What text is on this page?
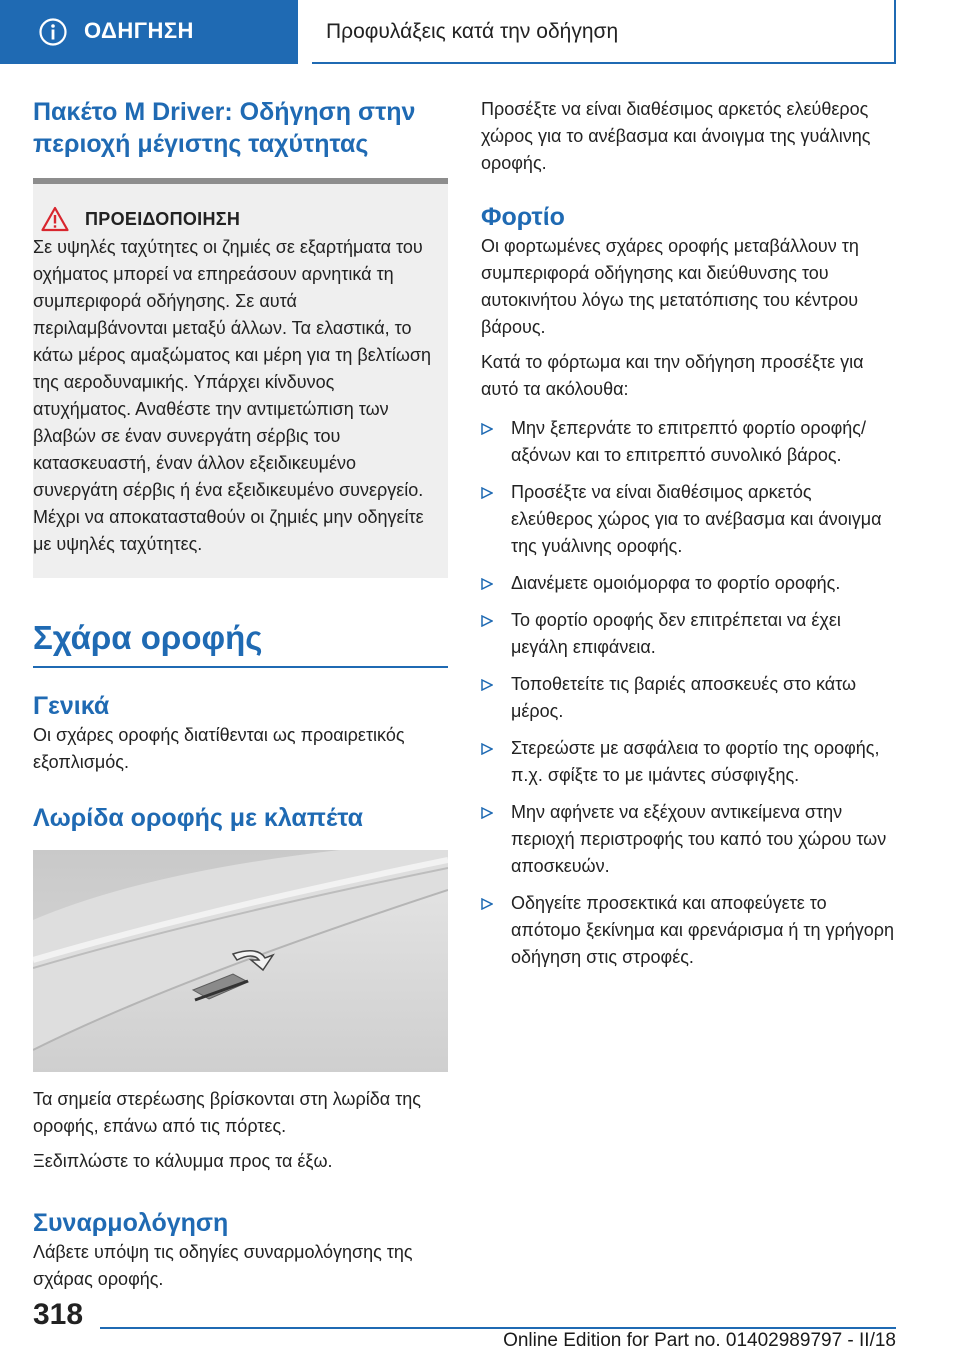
ΟΔΗΓΗΣΗ	Προφυλάξεις κατά την οδήγηση
Πακέτο M Driver: Οδήγηση στην περιοχή μέγιστης ταχύτητας
ΠΡΟΕΙΔΟΠΟΙΗΣΗ

Σε υψηλές ταχύτητες οι ζημιές σε εξαρτήματα του οχήματος μπορεί να επηρεάσουν αρνητικά τη συμπεριφορά οδήγησης. Σε αυτά περιλαμβάνονται μεταξύ άλλων. Τα ελαστικά, το κάτω μέρος αμαξώματος και μέρη για τη βελτίωση της αεροδυναμικής. Υπάρχει κίνδυνος ατυχήματος. Αναθέστε την αντιμετώπιση των βλαβών σε έναν συνεργάτη σέρβις του κατασκευαστή, έναν άλλον εξειδικευμένο συνεργάτη σέρβις ή ένα εξειδικευμένο συνεργείο. Μέχρι να αποκατασταθούν οι ζημιές μην οδηγείτε με υψηλές ταχύτητες.

Σχάρα οροφής
Γενικά

Οι σχάρες οροφής διατίθενται ως προαιρετικός εξοπλισμός.

Λωρίδα οροφής με κλαπέτα

Τα σημεία στερέωσης βρίσκονται στη λωρίδα της οροφής, επάνω από τις πόρτες.

Ξεδιπλώστε το κάλυμμα προς τα έξω.

Συναρμολόγηση

Λάβετε υπόψη τις οδηγίες συναρμολόγησης της σχάρας οροφής.

Προσέξτε να είναι διαθέσιμος αρκετός ελεύθερος χώρος για το ανέβασμα και άνοιγμα της γυάλινης οροφής.

Φορτίο

Οι φορτωμένες σχάρες οροφής μεταβάλλουν τη συμπεριφορά οδήγησης και διεύθυνσης του αυτοκινήτου λόγω της μετατόπισης του κέντρου βάρους.

Κατά το φόρτωμα και την οδήγηση προσέξτε για αυτό τα ακόλουθα:

Μην ξεπερνάτε το επιτρεπτό φορτίο οροφής/αξόνων και το επιτρεπτό συνολικό βάρος.
Προσέξτε να είναι διαθέσιμος αρκετός ελεύθερος χώρος για το ανέβασμα και άνοιγμα της γυάλινης οροφής.
Διανέμετε ομοιόμορφα το φορτίο οροφής.
Το φορτίο οροφής δεν επιτρέπεται να έχει μεγάλη επιφάνεια.
Τοποθετείτε τις βαριές αποσκευές στο κάτω μέρος.
Στερεώστε με ασφάλεια το φορτίο της οροφής, π.χ. σφίξτε το με ιμάντες σύσφιγξης.
Μην αφήνετε να εξέχουν αντικείμενα στην περιοχή περιστροφής του καπό του χώρου των αποσκευών.
Οδηγείτε προσεκτικά και αποφεύγετε το απότομο ξεκίνημα και φρενάρισμα ή τη γρήγορη οδήγηση στις στροφές.
318
Online Edition for Part no. 01402989797 - II/18
